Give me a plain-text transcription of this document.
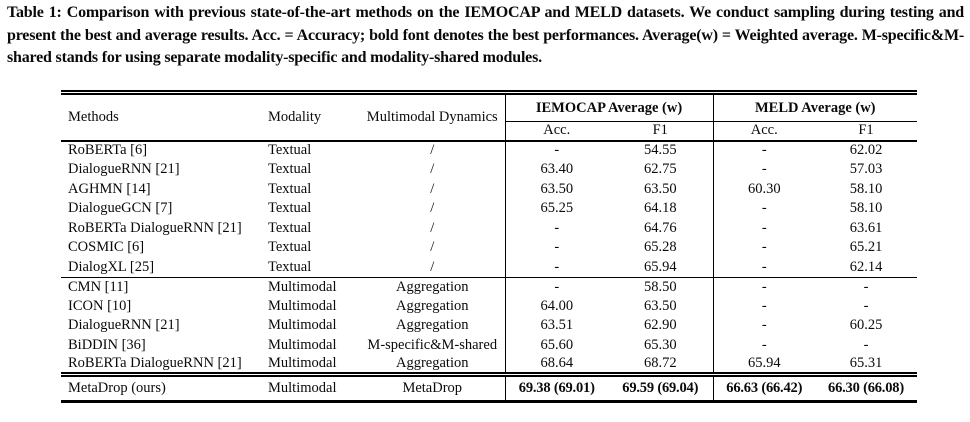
Table 1: Comparison with previous state-of-the-art methods on the IEMOCAP and MELD datasets. We conduct sampling during testing and present the best and average results. Acc. = Accuracy; bold font denotes the best performances. Average(w) = Weighted average. M-specific&M-shared stands for using separate modality-specific and modality-shared modules.

Methods	Modality	Multimodal Dynamics	IEMOCAP Average (w)		MELD Average (w)	
			Acc.	F1	Acc.	F1
RoBERTa [6]	Textual	/	-	54.55	-	62.02
DialogueRNN [21]	Textual	/	63.40	62.75	-	57.03
AGHMN [14]	Textual	/	63.50	63.50	60.30	58.10
DialogueGCN [7]	Textual	/	65.25	64.18	-	58.10
RoBERTa DialogueRNN [21]	Textual	/	-	64.76	-	63.61
COSMIC [6]	Textual	/	-	65.28	-	65.21
DialogXL [25]	Textual	/	-	65.94	-	62.14
CMN [11]	Multimodal	Aggregation	-	58.50	-	-
ICON [10]	Multimodal	Aggregation	64.00	63.50	-	-
DialogueRNN [21]	Multimodal	Aggregation	63.51	62.90	-	60.25
BiDDIN [36]	Multimodal	M-specific&M-shared	65.60	65.30	-	-
RoBERTa DialogueRNN [21]	Multimodal	Aggregation	68.64	68.72	65.94	65.31
MetaDrop (ours)	Multimodal	MetaDrop	69.38 (69.01)	69.59 (69.04)	66.63 (66.42)	66.30 (66.08)
